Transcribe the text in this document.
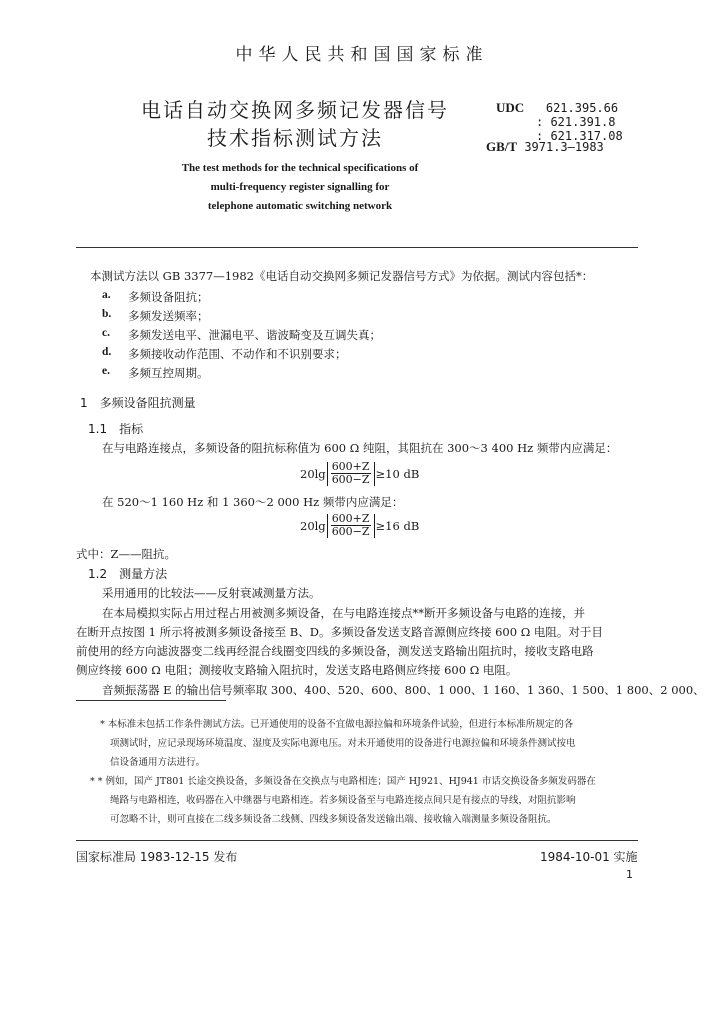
中华人民共和国国家标准
电话自动交换网多频记发器信号
技术指标测试方法
UDC 621.395.66
: 621.391.8
: 621.317.08
GB/T 3971.3—1983
The test methods for the technical specifications of
multi-frequency register signalling for
telephone automatic switching network
本测试方法以 GB 3377—1982《电话自动交换网多频记发器信号方式》为依据。测试内容包括*：
a. 多频设备阻抗；
b. 多频发送频率；
c. 多频发送电平、泄漏电平、谐波畸变及互调失真；
d. 多频接收动作范围、不动作和不识别要求；
e. 多频互控周期。
1　多频设备阻抗测量
1.1　指标
在与电路连接点，多频设备的阻抗标称值为 600 Ω 纯阻，其阻抗在 300～3 400 Hz 频带内应满足：
$20\lg \frac{600+Z}{600-Z} \ge 10$ dB
在 520～1 160 Hz 和 1 360～2 000 Hz 频带内应满足：
$20\lg \frac{600+Z}{600-Z} \ge 16$ dB
式中：Z——阻抗。
1.2　测量方法
采用通用的比较法——反射衰减测量方法。
在本局模拟实际占用过程占用被测多频设备，在与电路连接点**断开多频设备与电路的连接，并
在断开点按图 1 所示将被测多频设备接至 B、D。多频设备发送支路音源侧应终接 600 Ω 电阻。对于目
前使用的经方向滤波器变二线再经混合线圈变四线的多频设备，测发送支路输出阻抗时，接收支路电路
侧应终接 600 Ω 电阻；测接收支路输入阻抗时，发送支路电路侧应终接 600 Ω 电阻。
音频振荡器 E 的输出信号频率取 300、400、520、600、800、1 000、1 160、1 360、1 500、1 800、2 000、
* 本标准未包括工作条件测试方法。已开通使用的设备不宜做电源拉偏和环境条件试验，但进行本标准所规定的各
项测试时，应记录现场环境温度、湿度及实际电源电压。对未开通使用的设备进行电源拉偏和环境条件测试按电
信设备通用方法进行。
* * 例如，国产 JT801 长途交换设备，多频设备在交换点与电路相连；国产 HJ921、HJ941 市话交换设备多频发码器在
绳路与电路相连，收码器在入中继器与电路相连。若多频设备至与电路连接点间只是有接点的导线，对阻抗影响
可忽略不计，则可直接在二线多频设备二线侧、四线多频设备发送输出端、接收输入端测量多频设备阻抗。
国家标准局 1983-12-15 发布	1984-10-01 实施
1
